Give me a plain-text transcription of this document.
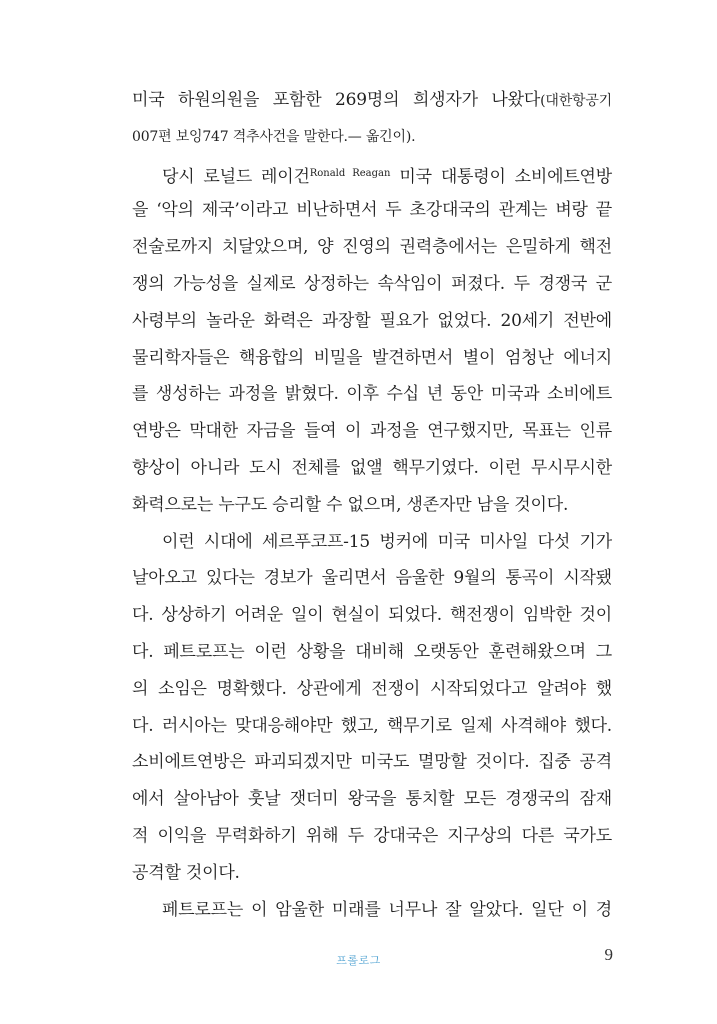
미국 하원의원을 포함한 269명의 희생자가 나왔다(대한항공기
007편 보잉747 격추사건을 말한다.— 옮긴이).
당시 로널드 레이건$^{Ronald Reagan}$ 미국 대통령이 소비에트연방
을 ‘악의 제국’이라고 비난하면서 두 초강대국의 관계는 벼랑 끝
전술로까지 치달았으며, 양 진영의 권력층에서는 은밀하게 핵전
쟁의 가능성을 실제로 상정하는 속삭임이 퍼졌다. 두 경쟁국 군
사령부의 놀라운 화력은 과장할 필요가 없었다. 20세기 전반에
물리학자들은 핵융합의 비밀을 발견하면서 별이 엄청난 에너지
를 생성하는 과정을 밝혔다. 이후 수십 년 동안 미국과 소비에트
연방은 막대한 자금을 들여 이 과정을 연구했지만, 목표는 인류
향상이 아니라 도시 전체를 없앨 핵무기였다. 이런 무시무시한
화력으로는 누구도 승리할 수 없으며, 생존자만 남을 것이다.
이런 시대에 세르푸코프-15 벙커에 미국 미사일 다섯 기가
날아오고 있다는 경보가 울리면서 음울한 9월의 통곡이 시작됐
다. 상상하기 어려운 일이 현실이 되었다. 핵전쟁이 임박한 것이
다. 페트로프는 이런 상황을 대비해 오랫동안 훈련해왔으며 그
의 소임은 명확했다. 상관에게 전쟁이 시작되었다고 알려야 했
다. 러시아는 맞대응해야만 했고, 핵무기로 일제 사격해야 했다.
소비에트연방은 파괴되겠지만 미국도 멸망할 것이다. 집중 공격
에서 살아남아 훗날 잿더미 왕국을 통치할 모든 경쟁국의 잠재
적 이익을 무력화하기 위해 두 강대국은 지구상의 다른 국가도
공격할 것이다.
페트로프는 이 암울한 미래를 너무나 잘 알았다. 일단 이 경
프롤로그	9
